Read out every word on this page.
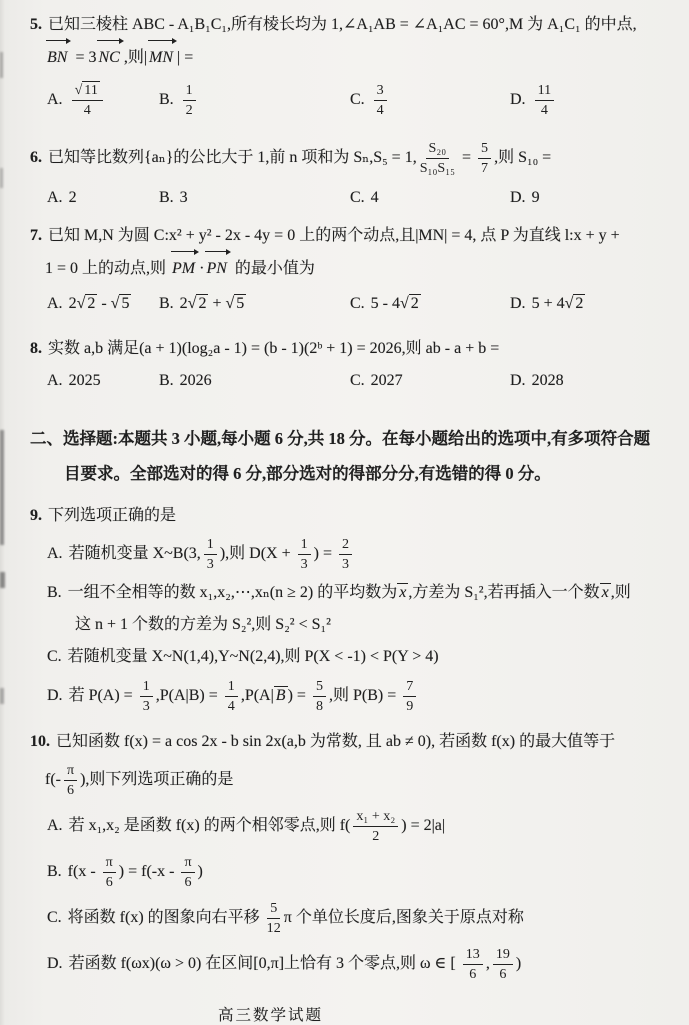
5. 已知三棱柱 ABC - A₁B₁C₁,所有棱长均为 1,∠A₁AB = ∠A₁AC = 60°,M 为 A₁C₁ 的中点,
BN = 3 NC ,则| MN | =
A. $\frac{√ 11}{4}$	B. $\frac{1}{2}$	C. $\frac{3}{4}$	D. $\frac{11}{4}$
6. 已知等比数列{aₙ}的公比大于 1,前 n 项和为 Sₙ,S₅ = 1, $\frac{\text{S₂₀}}{\text{S₁₀S₁₅}} = \frac{5}{7}$ ,则 S₁₀ =
A. 2	B. 3	C. 4	D. 9
7. 已知 M,N 为圆 C:x² + y² - 2x - 4y = 0 上的两个动点,且|MN| = 4, 点 P 为直线 l:x + y +
1 = 0 上的动点,则 PM · PN 的最小值为
A. 2√ 2 - √ 5	B. 2√ 2 + √ 5	C. 5 - 4√ 2	D. 5 + 4√ 2
8. 实数 a,b 满足(a + 1)(log₂a - 1) = (b - 1)(2ᵇ + 1) = 2026,则 ab - a + b =
A. 2025	B. 2026	C. 2027	D. 2028
二、选择题:本题共 3 小题,每小题 6 分,共 18 分。在每小题给出的选项中,有多项符合题
目要求。全部选对的得 6 分,部分选对的得部分分,有选错的得 0 分。
9. 下列选项正确的是
A. 若随机变量 X~B(3, $\frac{1}{3}$ ),则 $D(X + \frac{1}{3}$ ) = $\frac{2}{3}$
B. 一组不全相等的数 x₁,x₂,⋯,xₙ(n ≥ 2) 的平均数为 x ,方差为 S₁²,若再插入一个数 x ,则
这 n + 1 个数的方差为 S₂²,则 S₂² < S₁²
C. 若随机变量 X~N(1,4),Y~N(2,4),则 P(X < -1) < P(Y > 4)
D. 若 $P(A) = \frac{1}{3} ,P(A|B) = \frac{1}{4} ,P(A|$ B ) = $\frac{5}{8}$ ,则 $P(B) = \frac{7}{9}$
10. 已知函数 f(x) = a cos 2x - b sin 2x(a,b 为常数, 且 ab ≠ 0), 若函数 f(x) 的最大值等于
$f(- \frac{\pi}{6}$ ),则下列选项正确的是
A. 若 x₁,x₂ 是函数 f(x) 的两个相邻零点,则 $f( \frac{\text{x₁ + x₂}}{2}$ ) = 2|a|
B. $f(x - \frac{\pi}{6}$ ) = $f(-x - \frac{\pi}{6}$ )
C. 将函数 f(x) 的图象向右平移 $\frac{5}{12}$ π 个单位长度后,图象关于原点对称
D. 若函数 f(ωx)(ω > 0) 在区间[0,π]上恰有 3 个零点,则 ω ∈ [ $\frac{13}{6}$ , $\frac{19}{6}$ )
高三数学试题
